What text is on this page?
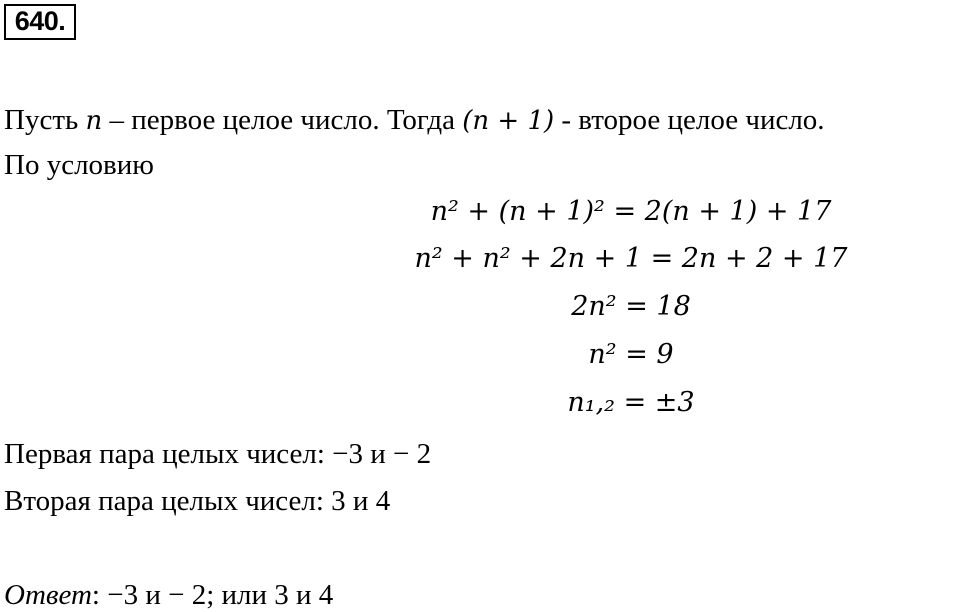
640.
Пусть n – первое целое число. Тогда (n + 1) - второе целое число.
По условию
n² + (n + 1)² = 2(n + 1) + 17
n² + n² + 2n + 1 = 2n + 2 + 17
2n² = 18
n² = 9
n₁,₂ = ±3
Первая пара целых чисел: −3 и − 2
Вторая пара целых чисел: 3 и 4
Ответ: −3 и − 2; или 3 и 4
